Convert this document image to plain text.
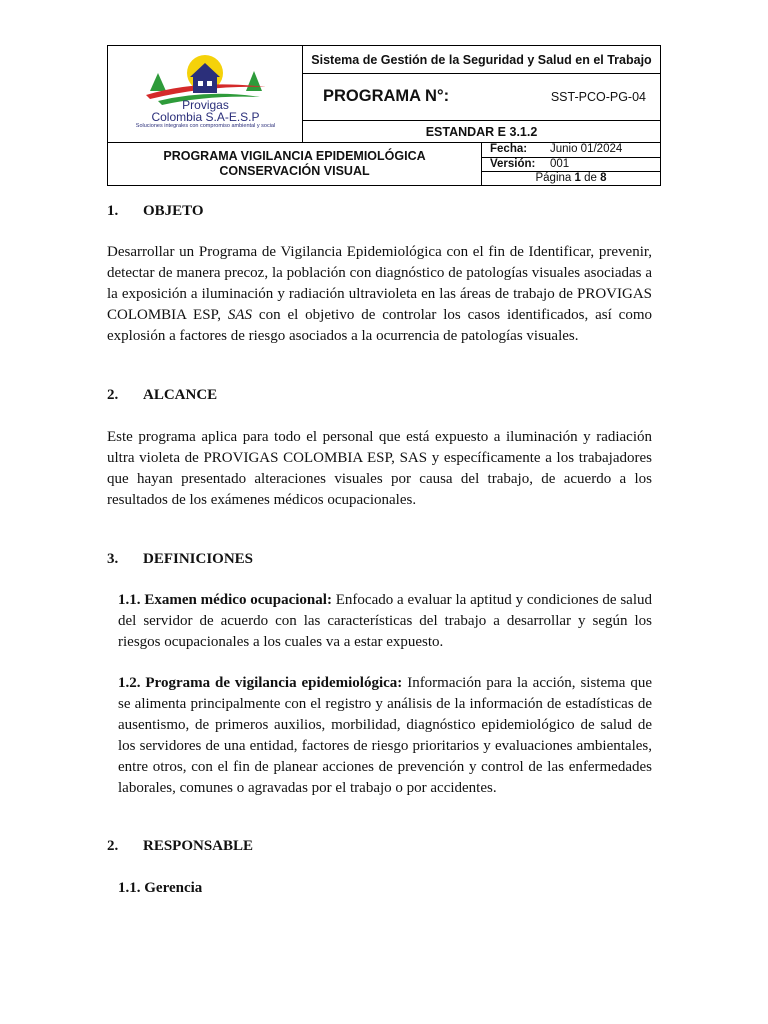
Provigas
Colombia S.A-E.S.P
Soluciones integrales con compromiso ambiental y social
Sistema de Gestión de la Seguridad y Salud en el Trabajo
PROGRAMA N°:	SST-PCO-PG-04
ESTANDAR E 3.1.2
PROGRAMA VIGILANCIA EPIDEMIOLÓGICA
CONSERVACIÓN VISUAL
Fecha: Junio 01/2024
Versión: 001
Página 1 de 8
1. OBJETO
Desarrollar un Programa de Vigilancia Epidemiológica con el fin de Identificar, prevenir, detectar de manera precoz, la población con diagnóstico de patologías visuales asociadas a la exposición a iluminación y radiación ultravioleta en las áreas de trabajo de PROVIGAS COLOMBIA ESP, SAS con el objetivo de controlar los casos identificados, así como explosión a factores de riesgo asociados a la ocurrencia de patologías visuales.
2. ALCANCE
Este programa aplica para todo el personal que está expuesto a iluminación y radiación ultra violeta de PROVIGAS COLOMBIA ESP, SAS y específicamente a los trabajadores que hayan presentado alteraciones visuales por causa del trabajo, de acuerdo a los resultados de los exámenes médicos ocupacionales.
3. DEFINICIONES
1.1. Examen médico ocupacional: Enfocado a evaluar la aptitud y condiciones de salud del servidor de acuerdo con las características del trabajo a desarrollar y según los riesgos ocupacionales a los cuales va a estar expuesto.
1.2. Programa de vigilancia epidemiológica: Información para la acción, sistema que se alimenta principalmente con el registro y análisis de la información de estadísticas de ausentismo, de primeros auxilios, morbilidad, diagnóstico epidemiológico de salud de los servidores de una entidad, factores de riesgo prioritarios y evaluaciones ambientales, entre otros, con el fin de planear acciones de prevención y control de las enfermedades laborales, comunes o agravadas por el trabajo o por accidentes.
2. RESPONSABLE
1.1. Gerencia
